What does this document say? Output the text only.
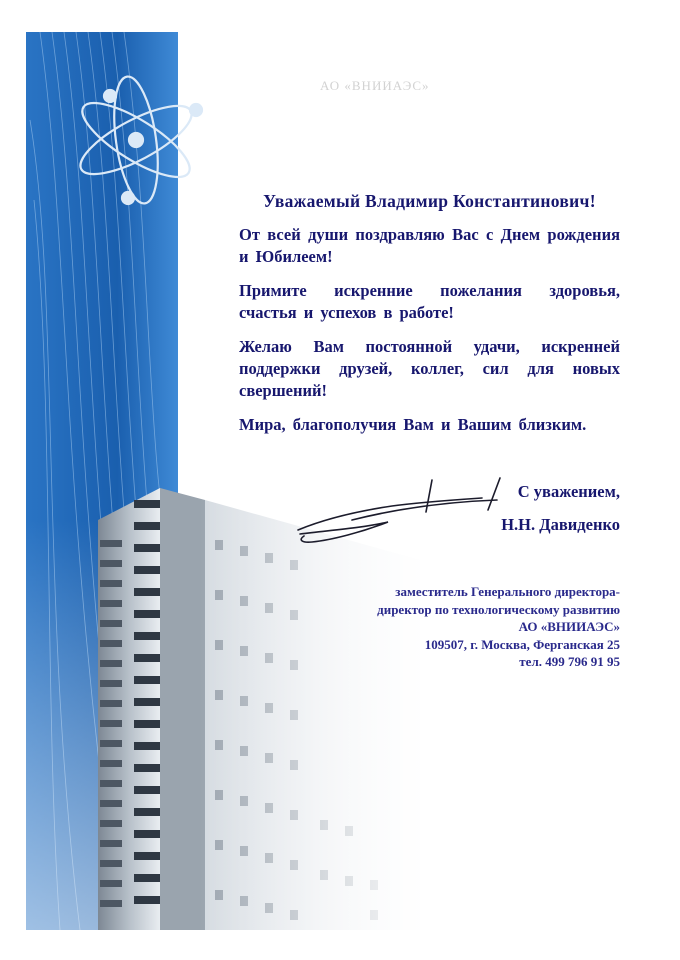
АО «ВНИИАЭС»

Уважаемый Владимир Константинович!

От всей души поздравляю Вас с Днем рождения и Юбилеем!

Примите искренние пожелания здоровья, счастья и успехов в работе!

Желаю Вам постоянной удачи, искренней поддержки друзей, коллег, сил для новых свершений!

Мира, благополучия Вам и Вашим близким.

С уважением,
Н.Н. Давиденко
заместитель Генерального директора-
директор по технологическому развитию
АО «ВНИИАЭС»
109507, г. Москва, Ферганская 25
тел. 499 796 91 95
